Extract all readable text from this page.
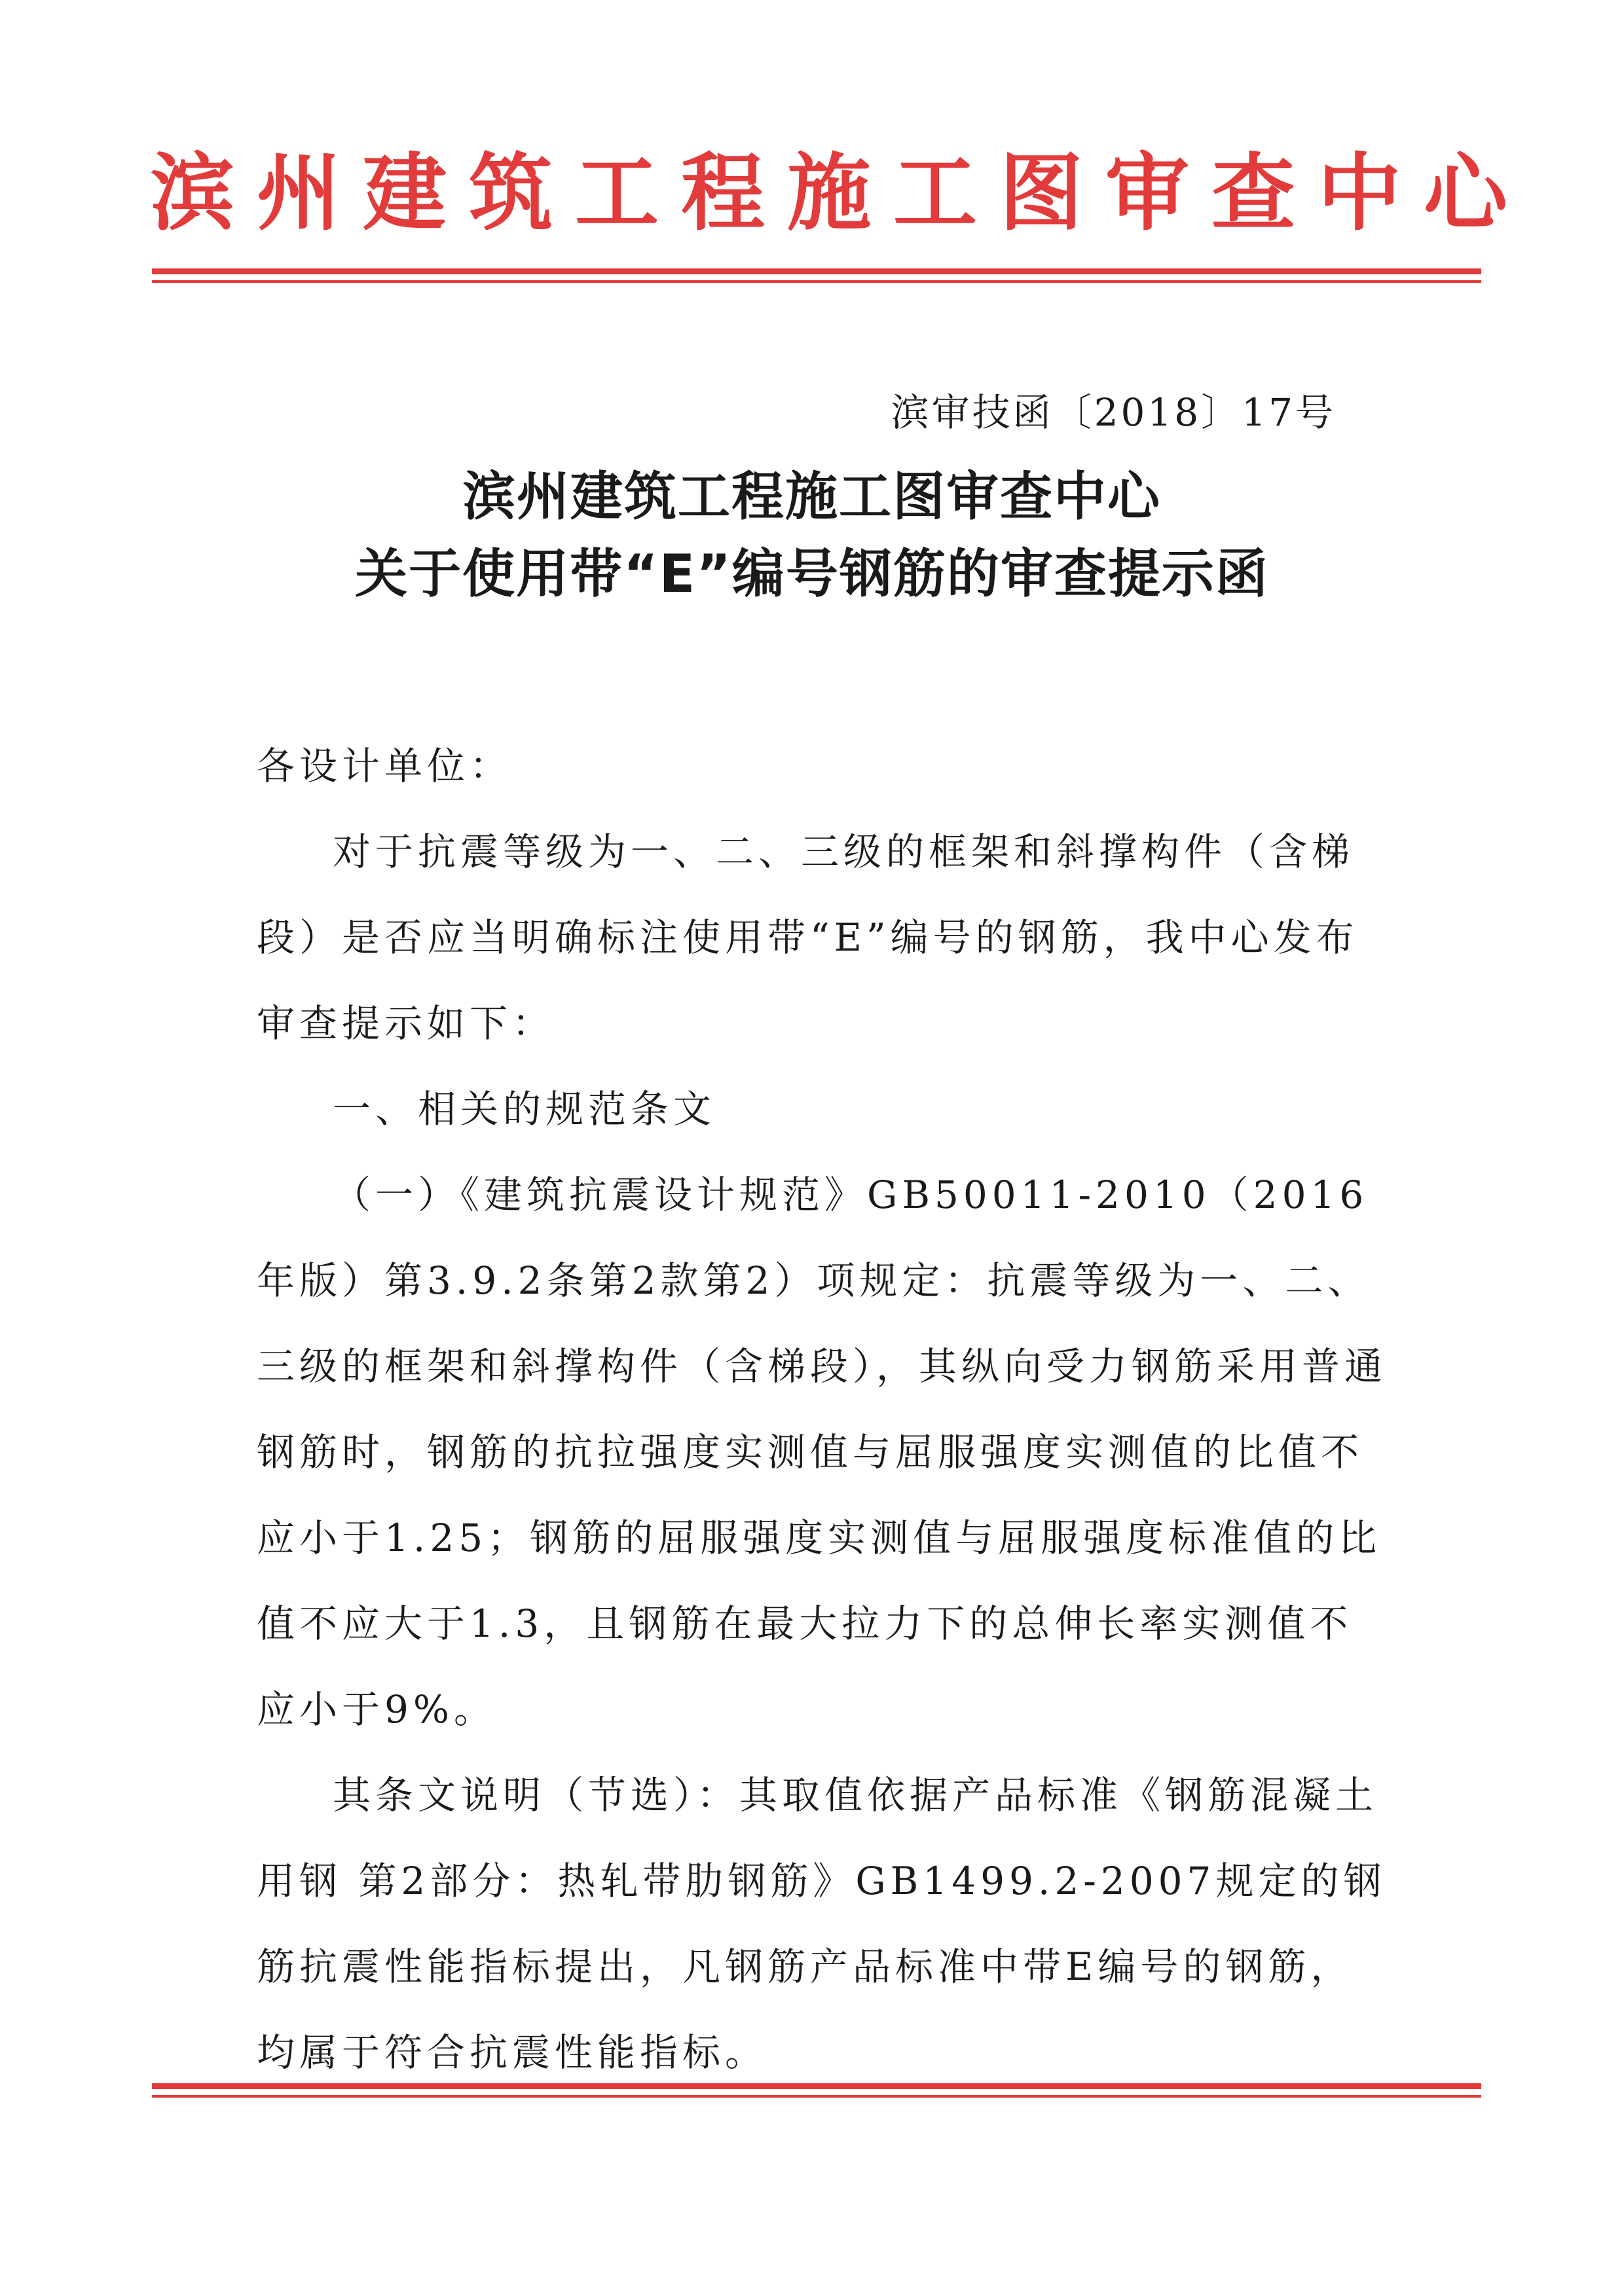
滨州建筑工程施工图审查中心
滨审技函〔2018〕17号
滨州建筑工程施工图审查中心
关于使用带“E”编号钢筋的审查提示函

各设计单位：

对于抗震等级为一、二、三级的框架和斜撑构件（含梯段）是否应当明确标注使用带“E”编号的钢筋，我中心发布审查提示如下：

一、相关的规范条文

（一）《建筑抗震设计规范》GB50011-2010（2016年版）第3.9.2条第2款第2）项规定：抗震等级为一、二、三级的框架和斜撑构件（含梯段），其纵向受力钢筋采用普通钢筋时，钢筋的抗拉强度实测值与屈服强度实测值的比值不应小于1.25；钢筋的屈服强度实测值与屈服强度标准值的比值不应大于1.3，且钢筋在最大拉力下的总伸长率实测值不应小于9%。

其条文说明（节选）：其取值依据产品标准《钢筋混凝土用钢 第2部分：热轧带肋钢筋》GB1499.2-2007规定的钢筋抗震性能指标提出，凡钢筋产品标准中带E编号的钢筋，均属于符合抗震性能指标。
